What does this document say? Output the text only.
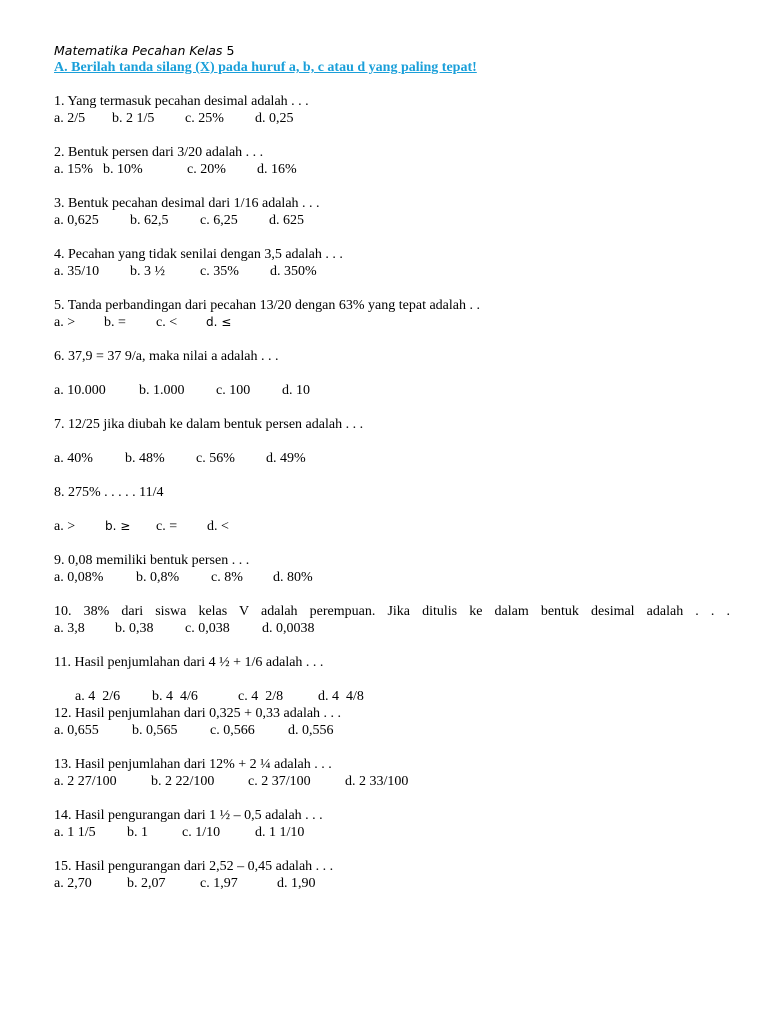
Matematika Pecahan Kelas 5
A. Berilah tanda silang (X) pada huruf a, b, c atau d yang paling tepat!
1. Yang termasuk pecahan desimal adalah . . .
a. 2/5 b. 2 1/5 c. 25% d. 0,25
2. Bentuk persen dari 3/20 adalah . . .
a. 15% b. 10%	c. 20% d. 16%
3. Bentuk pecahan desimal dari 1/16 adalah . . .
a. 0,625 b. 62,5 c. 6,25 d. 625
4. Pecahan yang tidak senilai dengan 3,5 adalah . . .
a. 35/10 b. 3 ½	c. 35% d. 350%
5. Tanda perbandingan dari pecahan 13/20 dengan 63% yang tepat adalah . .
a. > b. = c. < d. ≤
6. 37,9 = 37 9/a, maka nilai a adalah . . .
a. 10.000 b. 1.000 c. 100 d. 10
7. 12/25 jika diubah ke dalam bentuk persen adalah . . .
a. 40% b. 48% c. 56% d. 49%
8. 275% . . . . . 11/4
a. > b. ≥ c. = d. <
9. 0,08 memiliki bentuk persen . . .
a. 0,08% b. 0,8% c. 8% d. 80%
10. 38% dari siswa kelas V adalah perempuan. Jika ditulis ke dalam bentuk desimal adalah . . .
a. 3,8 b. 0,38 c. 0,038 d. 0,0038
11. Hasil penjumlahan dari 4 ½ + 1/6 adalah . . .

a. 4  2/6 b. 4  4/6	c. 4  2/8 d. 4  4/8

12. Hasil penjumlahan dari 0,325 + 0,33 adalah . . .
a. 0,655 b. 0,565 c. 0,566 d. 0,556
13. Hasil penjumlahan dari 12% + 2 ¼ adalah . . .
a. 2 27/100 b. 2 22/100 c. 2 37/100 d. 2 33/100
14. Hasil pengurangan dari 1 ½ – 0,5 adalah . . .
a. 1 1/5 b. 1 c. 1/10 d. 1 1/10
15. Hasil pengurangan dari 2,52 – 0,45 adalah . . .
a. 2,70	b. 2,07 c. 1,97	d. 1,90
